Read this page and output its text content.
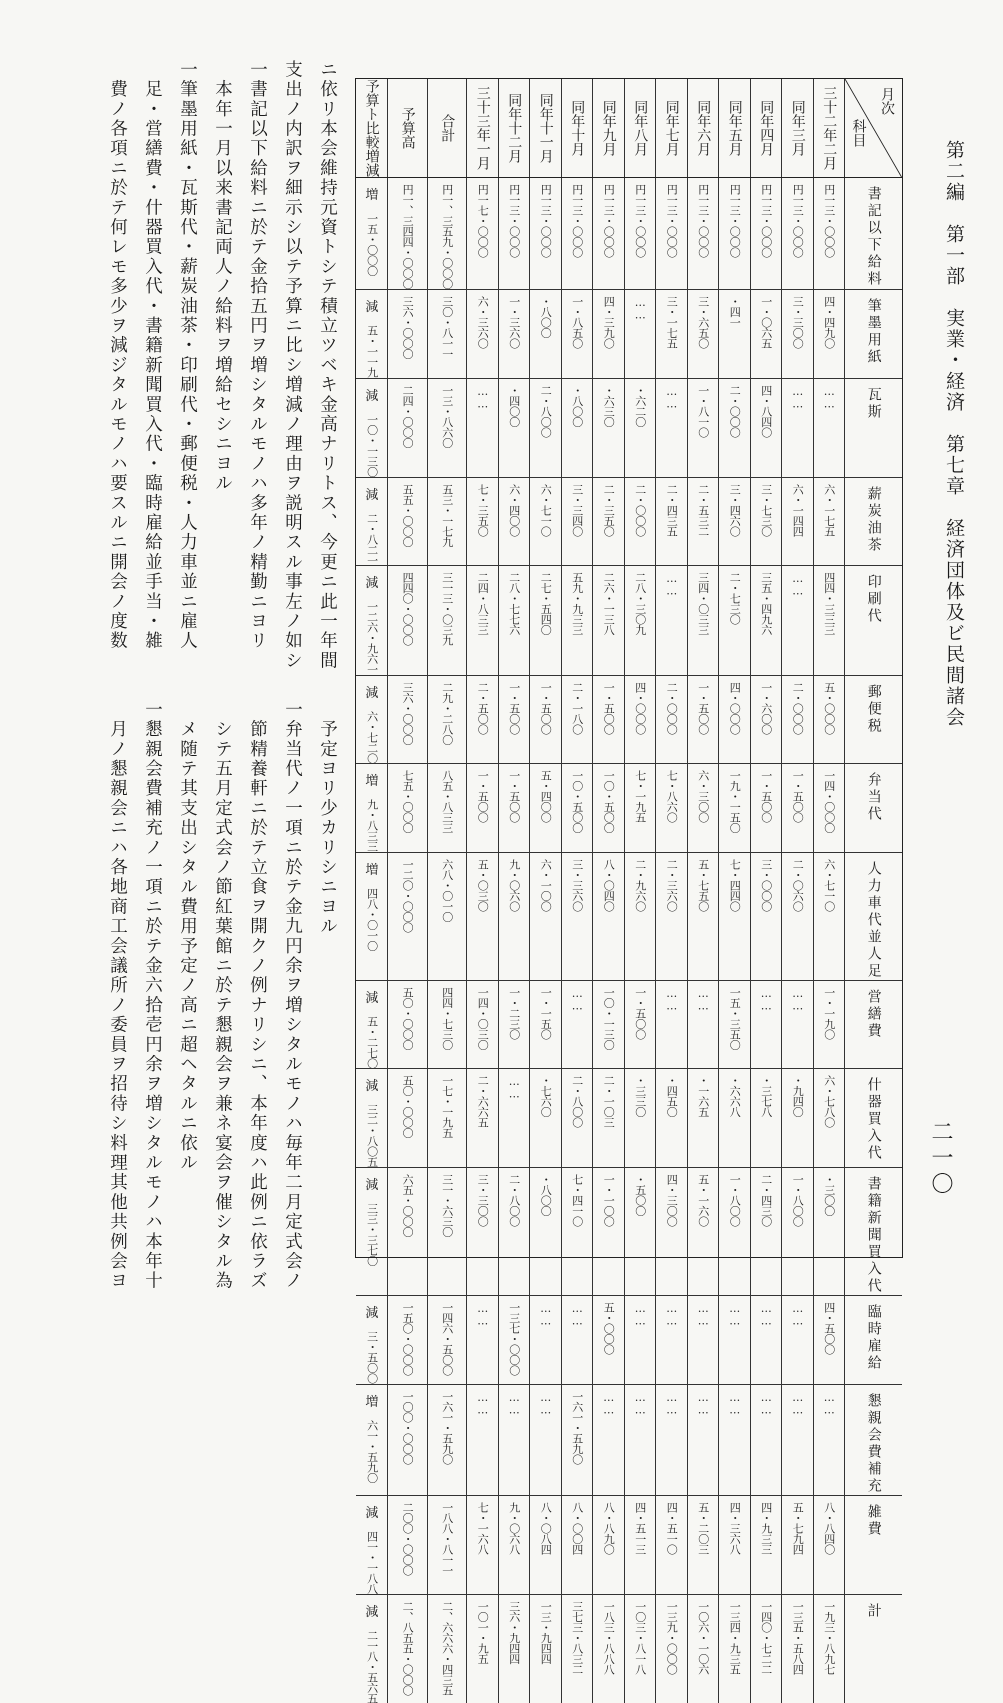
第二編　第一部　実業・経済　第七章　経済団体及ビ民間諸会
二一〇
月次
科目
三十二年二月
同年三月
同年四月
同年五月
同年六月
同年七月
同年八月
同年九月
同年十月
同年十一月
同年十二月
三十三年一月
合計
予算高
予算ト比較増減
書記以下給料
円一三・〇〇〇
円一三・〇〇〇
円一三・〇〇〇
円一三・〇〇〇
円一三・〇〇〇
円一三・〇〇〇
円一三・〇〇〇
円一三・〇〇〇
円一三・〇〇〇
円一三・〇〇〇
円一三・〇〇〇
円一七・〇〇〇
円一、三五九・〇〇〇
円一、三四四・〇〇〇
増
一五・〇〇〇
筆墨用紙
四・四九〇
三・三〇〇
一・〇六五
・四一
三・六五〇
三・一七五
……
四・三九〇
一・八五〇
・八〇〇
一・三六〇
六・三六〇
三〇・八一一
三六・〇〇〇
減
五・一一九
瓦斯
……
……
四・八四〇
二・〇〇〇
一・八一〇
……
・六二〇
・六三〇
・八〇〇
二・八〇〇
・四〇〇
……
一三・八六〇
二四・〇〇〇
減
一〇・一三〇
薪炭油茶
六・一七五
六・一四四
三・七三〇
三・四六〇
二・五三二
二・四三五
二・〇〇〇
二・三五〇
三・三四〇
六・七一〇
六・四〇〇
七・三五〇
五三・一七九
五五・〇〇〇
減
二・八二一
印刷代
四四・三三三
……
三五・四九六
二・七三〇
三四・〇三三
……
二八・三〇九
二六・一三八
五九・九三三
二七・五四〇
二八・七七六
二四・八三三
三一三・〇三九
四四〇・〇〇〇
減
一二六・九六一
郵便税
五・〇〇〇
二・〇〇〇
一・六〇〇
四・〇〇〇
一・五〇〇
二・〇〇〇
四・〇〇〇
一・五〇〇
二・一八〇
一・五〇〇
一・五〇〇
二・五〇〇
二九・二八〇
三六・〇〇〇
減
六・七二〇
弁当代
一四・〇〇〇
一・五〇〇
一・五〇〇
一九・一五〇
六・三〇〇
七・八六〇
七・一九五
一〇・五〇〇
一〇・五〇〇
五・四〇〇
一・五〇〇
一・五〇〇
八五・八三三
七五・〇〇〇
増
九・八三三
人力車代並人足
六・七一〇
二・〇六〇
三・〇〇〇
七・四四〇
五・七五〇
二・三六〇
二・九六〇
八・〇四〇
三・三六〇
六・一〇〇
九・〇六〇
五・〇三〇
六八・〇一〇
一二〇・〇〇〇
増
四八・〇一〇
営繕費
一・一九〇
……
……
一五・三五〇
……
……
一・五〇〇
一〇・一三〇
……
一・一五〇
一・二三〇
一四・〇三〇
四四・七三〇
五〇・〇〇〇
減
五・二七〇
什器買入代
六・七八〇
・九四〇
・三七八
・六六八
・一六五
・四五〇
・三三〇
二・一〇三
二・八〇〇
・七六〇
……
二・六六五
一七・一九五
五〇・〇〇〇
減
三二・八〇五
書籍新聞買入代
・三〇〇
一・八〇〇
二・四三〇
一・八〇〇
五・一六〇
四・三〇〇
・五〇〇
一・一〇〇
七・四一〇
・八〇〇
二・八〇〇
三・三〇〇
三一・六三〇
六五・〇〇〇
減
三三・三七〇
臨時雇給
四・五〇〇
……
……
……
……
……
……
五・〇〇〇
……
……
一三七・〇〇〇
……
一四六・五〇〇
一五〇・〇〇〇
減
三・五〇〇
懇親会費補充
……
……
……
……
……
……
……
……
一六一・五九〇
……
……
……
一六一・五九〇
一〇〇・〇〇〇
増
六一・五九〇
雑費
八・八四〇
五・七九四
四・九三三
四・三六八
五・二〇三
四・五一〇
四・五一三
八・八九〇
八・〇〇四
八・〇八四
九・〇六八
七・一六八
一八八・八一一
二〇〇・〇〇〇
減
四一・一八八
計
一九三・八九七
一三五・五八四
一四〇・七二二
一三四・九三五
一〇六・一〇六
一三九・〇〇〇
一〇三・八一八
一八三・八八八
三七三・八三二
一三・九四四
三六・九四四
一〇一・九五
二、六六六・四三五
二、八五五・〇〇〇
減
二一八・五六五
ニ依リ本会維持元資トシテ積立ツベキ金高ナリトス、今更ニ此一年間
支出ノ内訳ヲ細示シ以テ予算ニ比シ増減ノ理由ヲ説明スル事左ノ如シ
一書記以下給料ニ於テ金拾五円ヲ増シタルモノハ多年ノ精勤ニヨリ
　本年一月以来書記両人ノ給料ヲ増給セシニヨル
一筆墨用紙・瓦斯代・薪炭油茶・印刷代・郵便税・人力車並ニ雇人
　足・営繕費・什器買入代・書籍新聞買入代・臨時雇給並手当・雑
　費ノ各項ニ於テ何レモ多少ヲ減ジタルモノハ要スルニ開会ノ度数
　予定ヨリ少カリシニヨル
一弁当代ノ一項ニ於テ金九円余ヲ増シタルモノハ毎年二月定式会ノ
　節精養軒ニ於テ立食ヲ開クノ例ナリシニ、本年度ハ此例ニ依ラズ
　シテ五月定式会ノ節紅葉館ニ於テ懇親会ヲ兼ネ宴会ヲ催シタル為
　メ随テ其支出シタル費用予定ノ高ニ超ヘタルニ依ル
一懇親会費補充ノ一項ニ於テ金六拾壱円余ヲ増シタルモノハ本年十
　月ノ懇親会ニハ各地商工会議所ノ委員ヲ招待シ料理其他共例会ヨ
